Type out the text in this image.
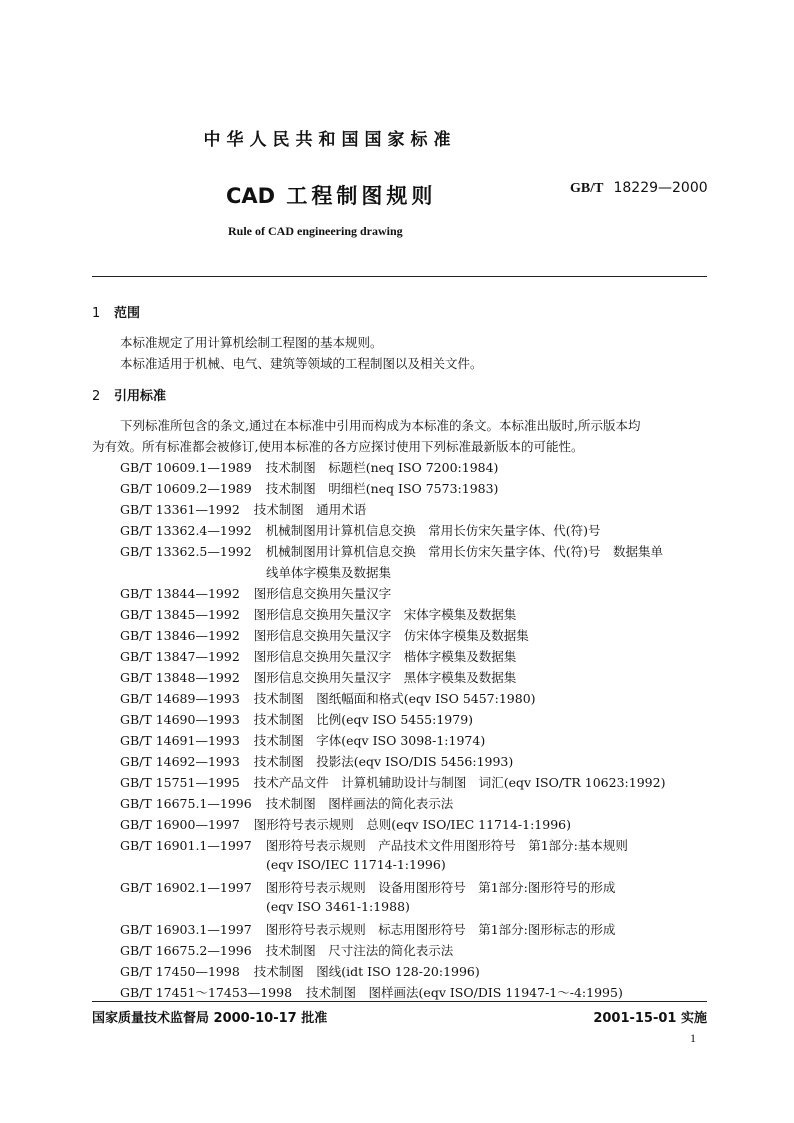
中华人民共和国国家标准
CAD 工程制图规则	GB/T 18229—2000
Rule of CAD engineering drawing
1 范围
本标准规定了用计算机绘制工程图的基本规则。
本标准适用于机械、电气、建筑等领域的工程制图以及相关文件。
2 引用标准
下列标准所包含的条文,通过在本标准中引用而构成为本标准的条文。本标准出版时,所示版本均
为有效。所有标准都会被修订,使用本标准的各方应探讨使用下列标准最新版本的可能性。
GB/T 10609.1—1989 技术制图　标题栏(neq ISO 7200:1984)
GB/T 10609.2—1989 技术制图　明细栏(neq ISO 7573:1983)
GB/T 13361—1992 技术制图　通用术语
GB/T 13362.4—1992 机械制图用计算机信息交换　常用长仿宋矢量字体、代(符)号
GB/T 13362.5—1992 机械制图用计算机信息交换　常用长仿宋矢量字体、代(符)号　数据集单
线单体字模集及数据集
GB/T 13844—1992 图形信息交换用矢量汉字
GB/T 13845—1992 图形信息交换用矢量汉字　宋体字模集及数据集
GB/T 13846—1992 图形信息交换用矢量汉字　仿宋体字模集及数据集
GB/T 13847—1992 图形信息交换用矢量汉字　楷体字模集及数据集
GB/T 13848—1992 图形信息交换用矢量汉字　黑体字模集及数据集
GB/T 14689—1993 技术制图　图纸幅面和格式(eqv ISO 5457:1980)
GB/T 14690—1993 技术制图　比例(eqv ISO 5455:1979)
GB/T 14691—1993 技术制图　字体(eqv ISO 3098-1:1974)
GB/T 14692—1993 技术制图　投影法(eqv ISO/DIS 5456:1993)
GB/T 15751—1995 技术产品文件　计算机辅助设计与制图　词汇(eqv ISO/TR 10623:1992)
GB/T 16675.1—1996 技术制图　图样画法的简化表示法
GB/T 16900—1997 图形符号表示规则　总则(eqv ISO/IEC 11714-1:1996)
GB/T 16901.1—1997 图形符号表示规则　产品技术文件用图形符号　第1部分:基本规则
(eqv ISO/IEC 11714-1:1996)
GB/T 16902.1—1997 图形符号表示规则　设备用图形符号　第1部分:图形符号的形成
(eqv ISO 3461-1:1988)
GB/T 16903.1—1997 图形符号表示规则　标志用图形符号　第1部分:图形标志的形成
GB/T 16675.2—1996 技术制图　尺寸注法的简化表示法
GB/T 17450—1998 技术制图　图线(idt ISO 128-20:1996)
GB/T 17451～17453—1998 技术制图　图样画法(eqv ISO/DIS 11947-1～-4:1995)
国家质量技术监督局 2000-10-17 批准	2001-15-01 实施
1
